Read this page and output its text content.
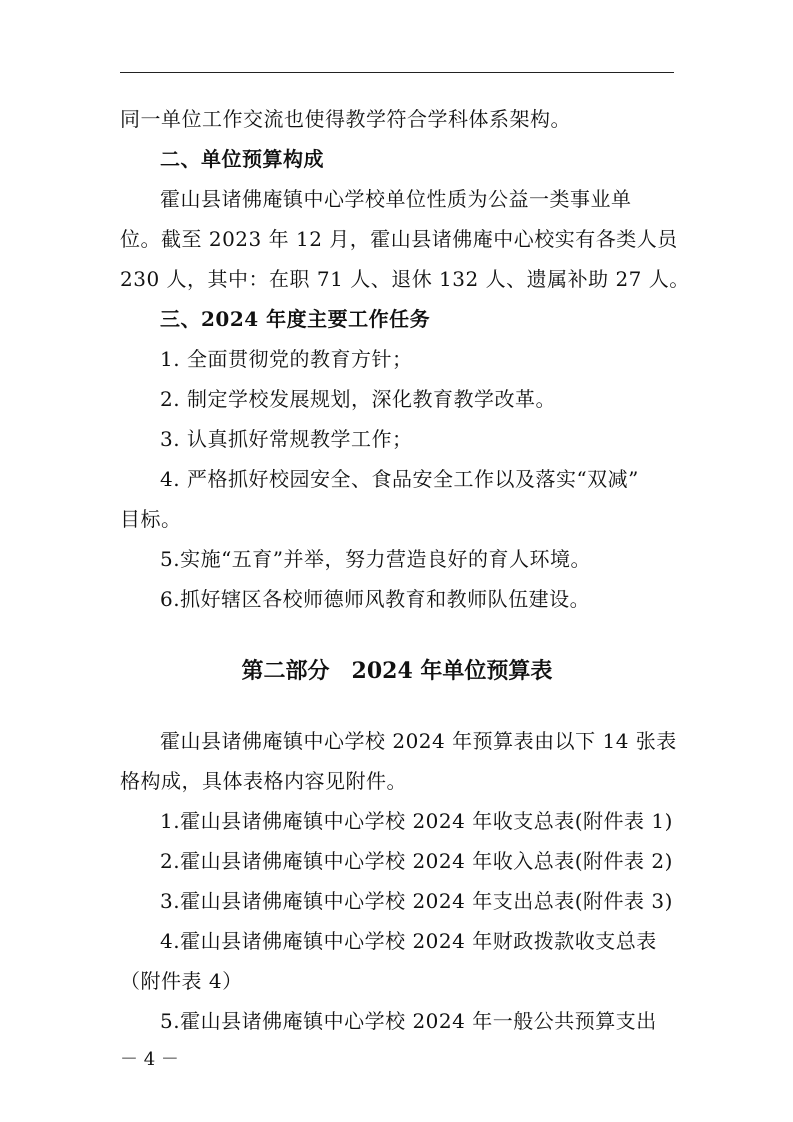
同一单位工作交流也使得教学符合学科体系架构。
二、单位预算构成
霍山县诸佛庵镇中心学校单位性质为公益一类事业单
位。截至 2023 年 12 月，霍山县诸佛庵中心校实有各类人员
230 人，其中：在职 71 人、退休 132 人、遗属补助 27 人。
三、2024 年度主要工作任务
1. 全面贯彻党的教育方针；
2. 制定学校发展规划，深化教育教学改革。
3. 认真抓好常规教学工作；
4. 严格抓好校园安全、食品安全工作以及落实“双减”
目标。
5.实施“五育”并举，努力营造良好的育人环境。
6.抓好辖区各校师德师风教育和教师队伍建设。
第二部分　2024 年单位预算表
霍山县诸佛庵镇中心学校 2024 年预算表由以下 14 张表
格构成，具体表格内容见附件。
1.霍山县诸佛庵镇中心学校 2024 年收支总表(附件表 1)
2.霍山县诸佛庵镇中心学校 2024 年收入总表(附件表 2)
3.霍山县诸佛庵镇中心学校 2024 年支出总表(附件表 3)
4.霍山县诸佛庵镇中心学校 2024 年财政拨款收支总表
（附件表 4）
5.霍山县诸佛庵镇中心学校 2024 年一般公共预算支出
－ 4 －
